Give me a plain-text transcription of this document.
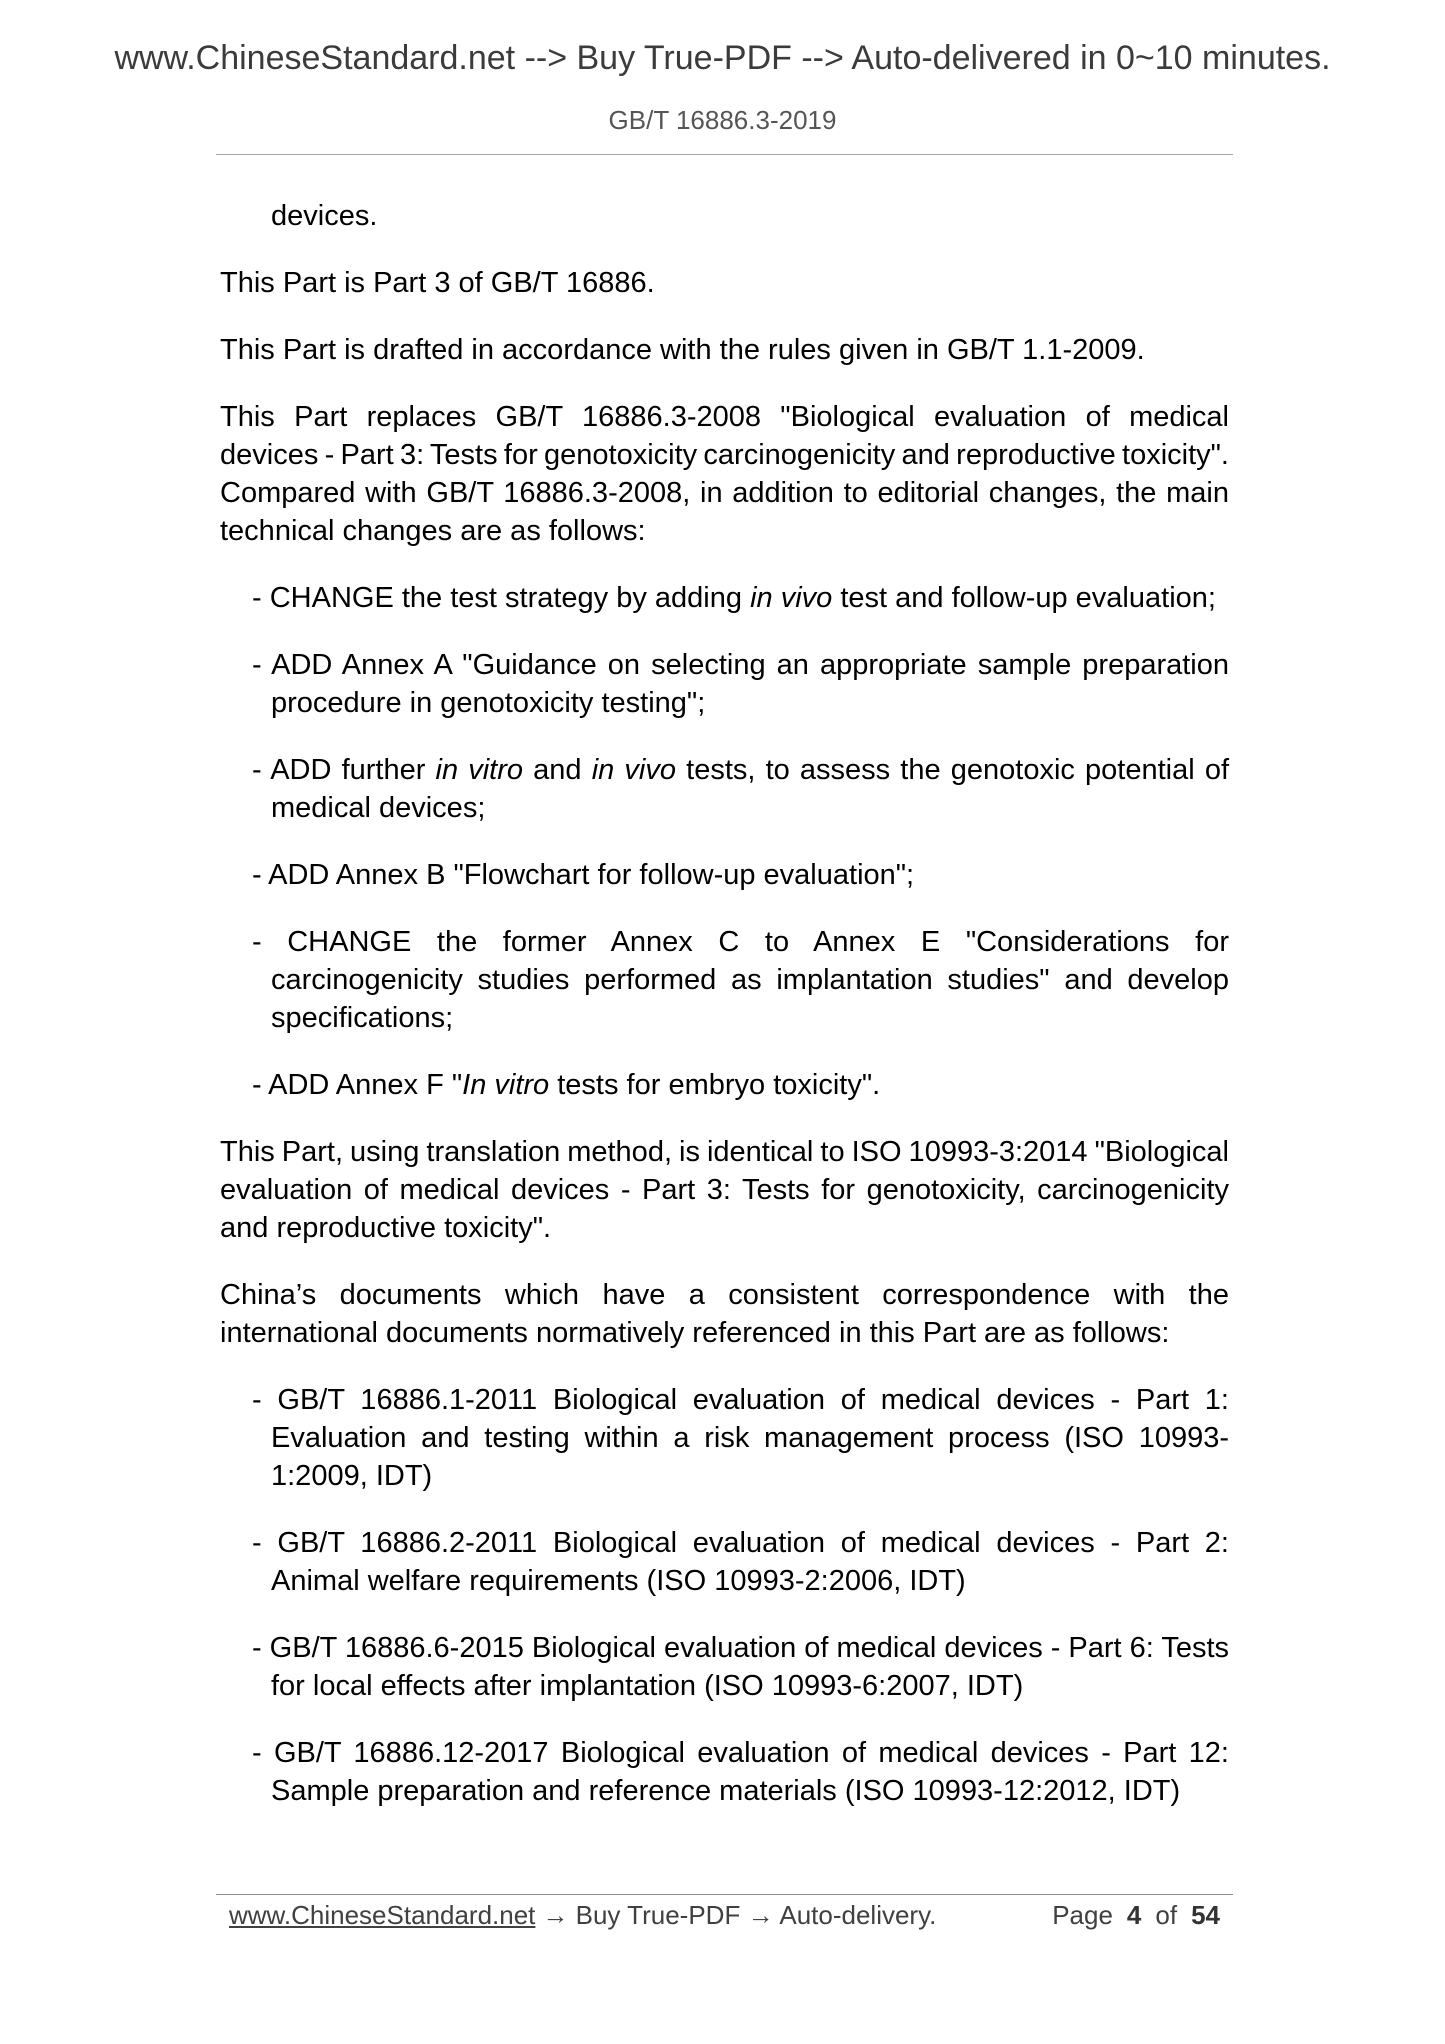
www.ChineseStandard.net --> Buy True-PDF --> Auto-delivered in 0~10 minutes.
GB/T 16886.3-2019
devices.
This Part is Part 3 of GB/T 16886.
This Part is drafted in accordance with the rules given in GB/T 1.1-2009.
This Part replaces GB/T 16886.3-2008 "Biological evaluation of medical
devices - Part 3: Tests for genotoxicity carcinogenicity and reproductive toxicity".
Compared with GB/T 16886.3-2008, in addition to editorial changes, the main
technical changes are as follows:
- CHANGE the test strategy by adding in vivo test and follow-up evaluation;
- ADD Annex A "Guidance on selecting an appropriate sample preparation
procedure in genotoxicity testing";
- ADD further in vitro and in vivo tests, to assess the genotoxic potential of
medical devices;
- ADD Annex B "Flowchart for follow-up evaluation";
- CHANGE the former Annex C to Annex E "Considerations for
carcinogenicity studies performed as implantation studies" and develop
specifications;
- ADD Annex F "In vitro tests for embryo toxicity".
This Part, using translation method, is identical to ISO 10993-3:2014 "Biological
evaluation of medical devices - Part 3: Tests for genotoxicity, carcinogenicity
and reproductive toxicity".
China’s documents which have a consistent correspondence with the
international documents normatively referenced in this Part are as follows:
- GB/T 16886.1-2011 Biological evaluation of medical devices - Part 1:
Evaluation and testing within a risk management process (ISO 10993-
1:2009, IDT)
- GB/T 16886.2-2011 Biological evaluation of medical devices - Part 2:
Animal welfare requirements (ISO 10993-2:2006, IDT)
- GB/T 16886.6-2015 Biological evaluation of medical devices - Part 6: Tests
for local effects after implantation (ISO 10993-6:2007, IDT)
- GB/T 16886.12-2017 Biological evaluation of medical devices - Part 12:
Sample preparation and reference materials (ISO 10993-12:2012, IDT)
www.ChineseStandard.net → Buy True-PDF → Auto-delivery.	Page 4 of 54
